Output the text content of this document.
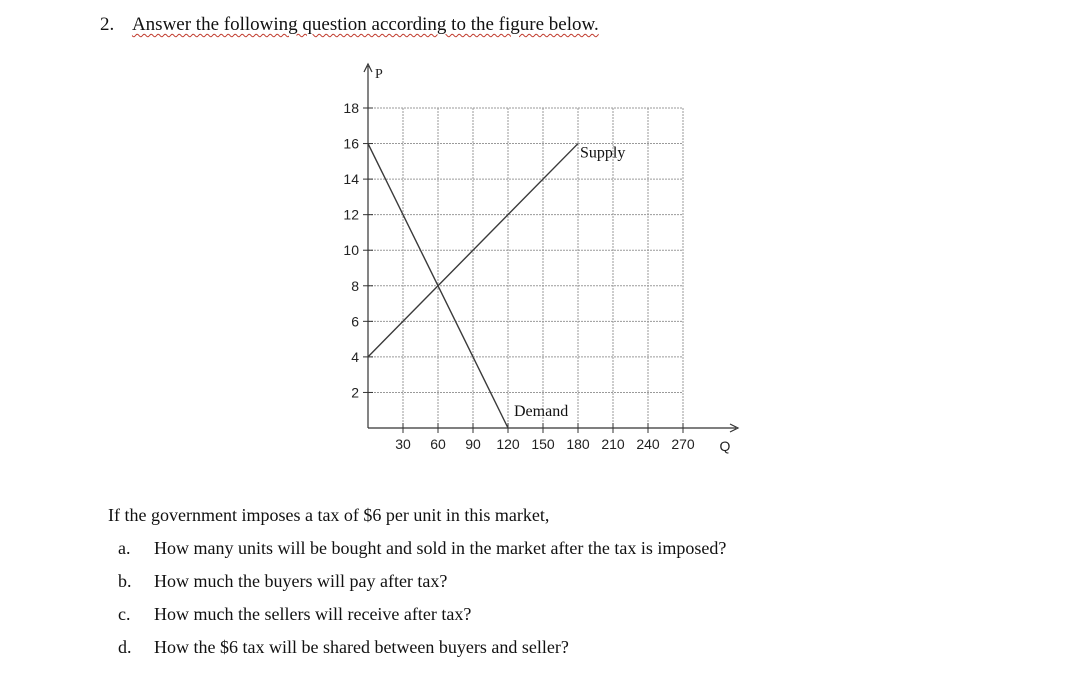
2. Answer the following question according to the figure below.
2
4
6
8
10
12
14
16
18
30 60 90 120 150 180 210 240 270
P
Q
Supply
Demand
If the government imposes a tax of $6 per unit in this market,
a. How many units will be bought and sold in the market after the tax is imposed?
b. How much the buyers will pay after tax?
c. How much the sellers will receive after tax?
d. How the $6 tax will be shared between buyers and seller?
